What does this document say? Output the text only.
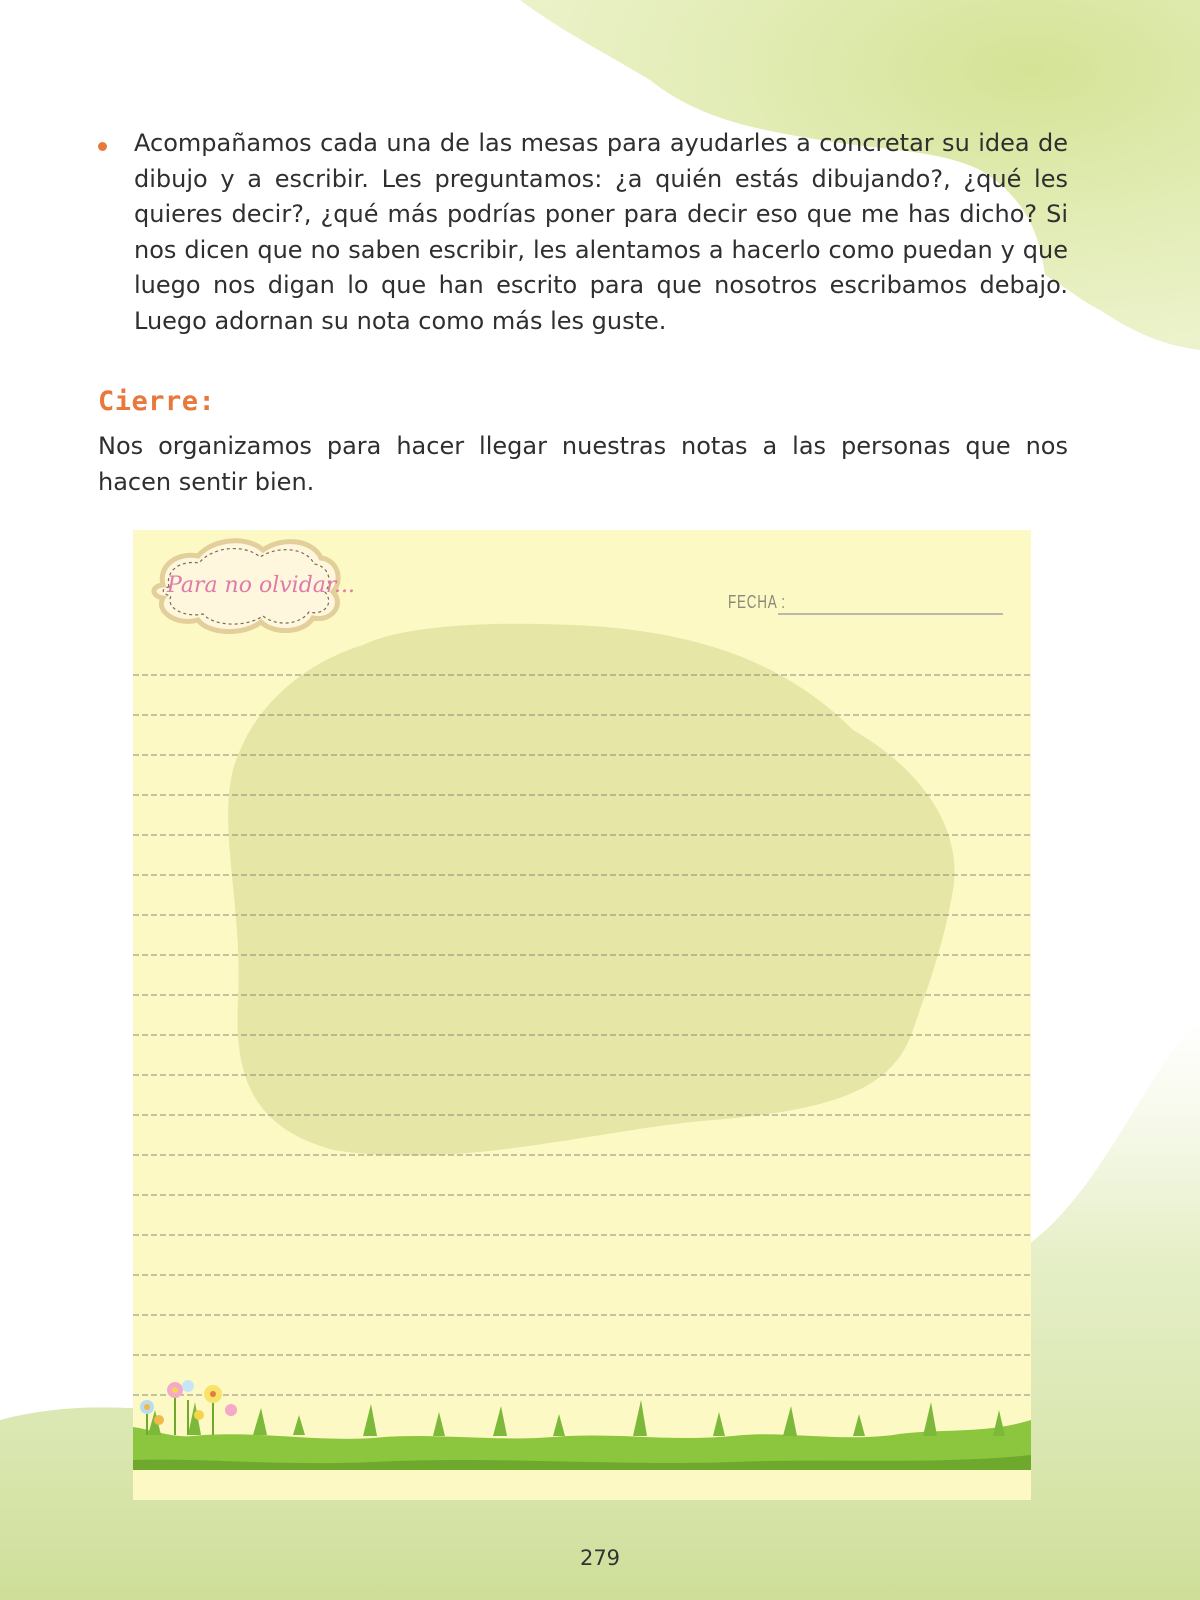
Acompañamos cada una de las mesas para ayudarles a concretar su idea de dibujo y a escribir. Les preguntamos: ¿a quién estás dibujando?, ¿qué les quieres decir?, ¿qué más podrías poner para decir eso que me has dicho? Si nos dicen que no saben escribir, les alentamos a hacerlo como puedan y que luego nos digan lo que han escrito para que nosotros escribamos debajo. Luego adornan su nota como más les guste.

Cierre:

Nos organizamos para hacer llegar nuestras notas a las personas que nos hacen sentir bien.

Para no olvidar...
FECHA :
279
